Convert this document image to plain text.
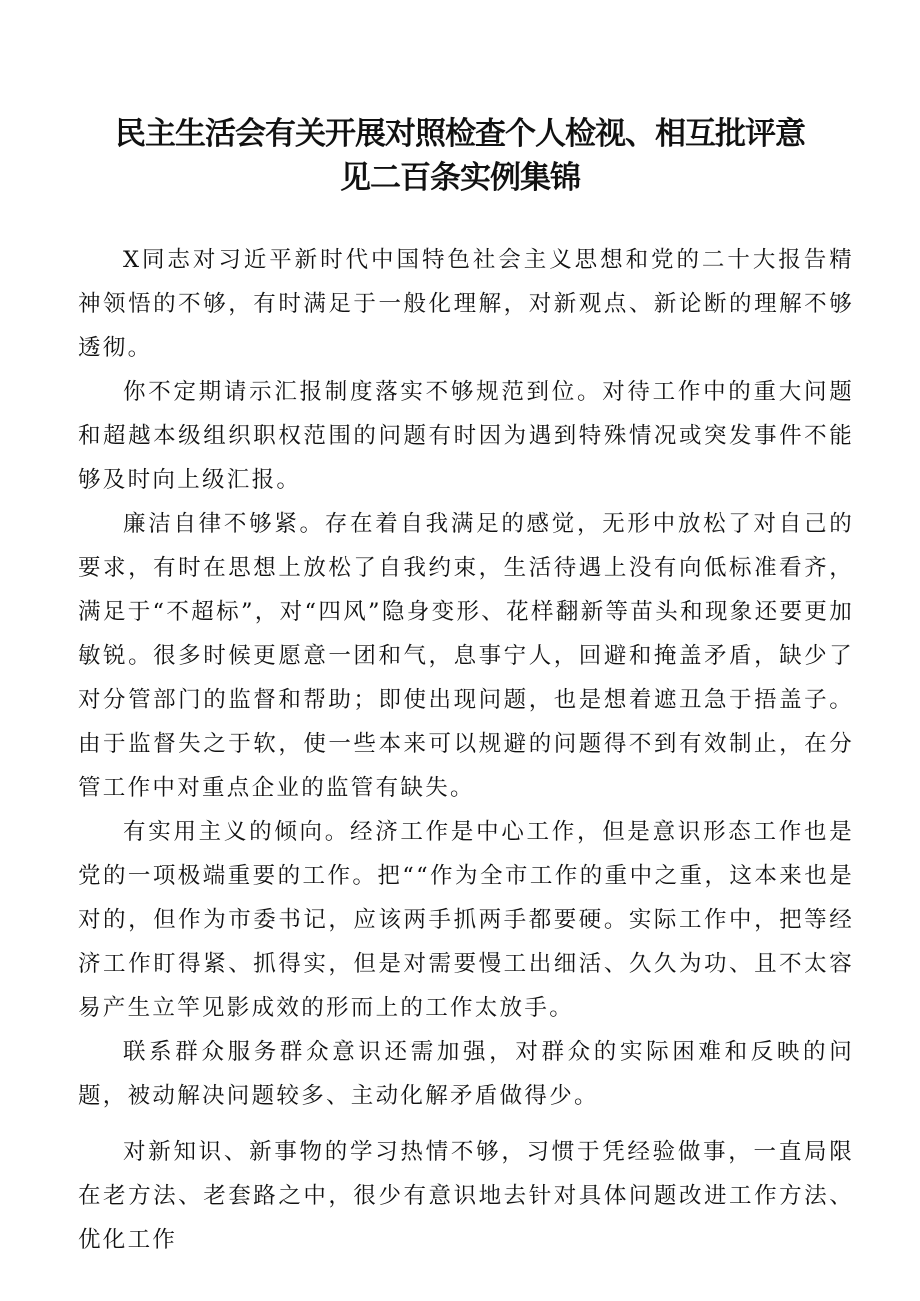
民主生活会有关开展对照检查个人检视、相互批评意
见二百条实例集锦

X同志对习近平新时代中国特色社会主义思想和党的二十大报告精神领悟的不够，有时满足于一般化理解，对新观点、新论断的理解不够透彻。

你不定期请示汇报制度落实不够规范到位。对待工作中的重大问题和超越本级组织职权范围的问题有时因为遇到特殊情况或突发事件不能够及时向上级汇报。

廉洁自律不够紧。存在着自我满足的感觉，无形中放松了对自己的要求，有时在思想上放松了自我约束，生活待遇上没有向低标准看齐，满足于“不超标”，对“四风”隐身变形、花样翻新等苗头和现象还要更加敏锐。很多时候更愿意一团和气，息事宁人，回避和掩盖矛盾，缺少了对分管部门的监督和帮助；即使出现问题，也是想着遮丑急于捂盖子。由于监督失之于软，使一些本来可以规避的问题得不到有效制止，在分管工作中对重点企业的监管有缺失。

有实用主义的倾向。经济工作是中心工作，但是意识形态工作也是党的一项极端重要的工作。把““作为全市工作的重中之重，这本来也是对的，但作为市委书记，应该两手抓两手都要硬。实际工作中，把等经济工作盯得紧、抓得实，但是对需要慢工出细活、久久为功、且不太容易产生立竿见影成效的形而上的工作太放手。

联系群众服务群众意识还需加强，对群众的实际困难和反映的问题，被动解决问题较多、主动化解矛盾做得少。

对新知识、新事物的学习热情不够，习惯于凭经验做事，一直局限在老方法、老套路之中，很少有意识地去针对具体问题改进工作方法、优化工作
